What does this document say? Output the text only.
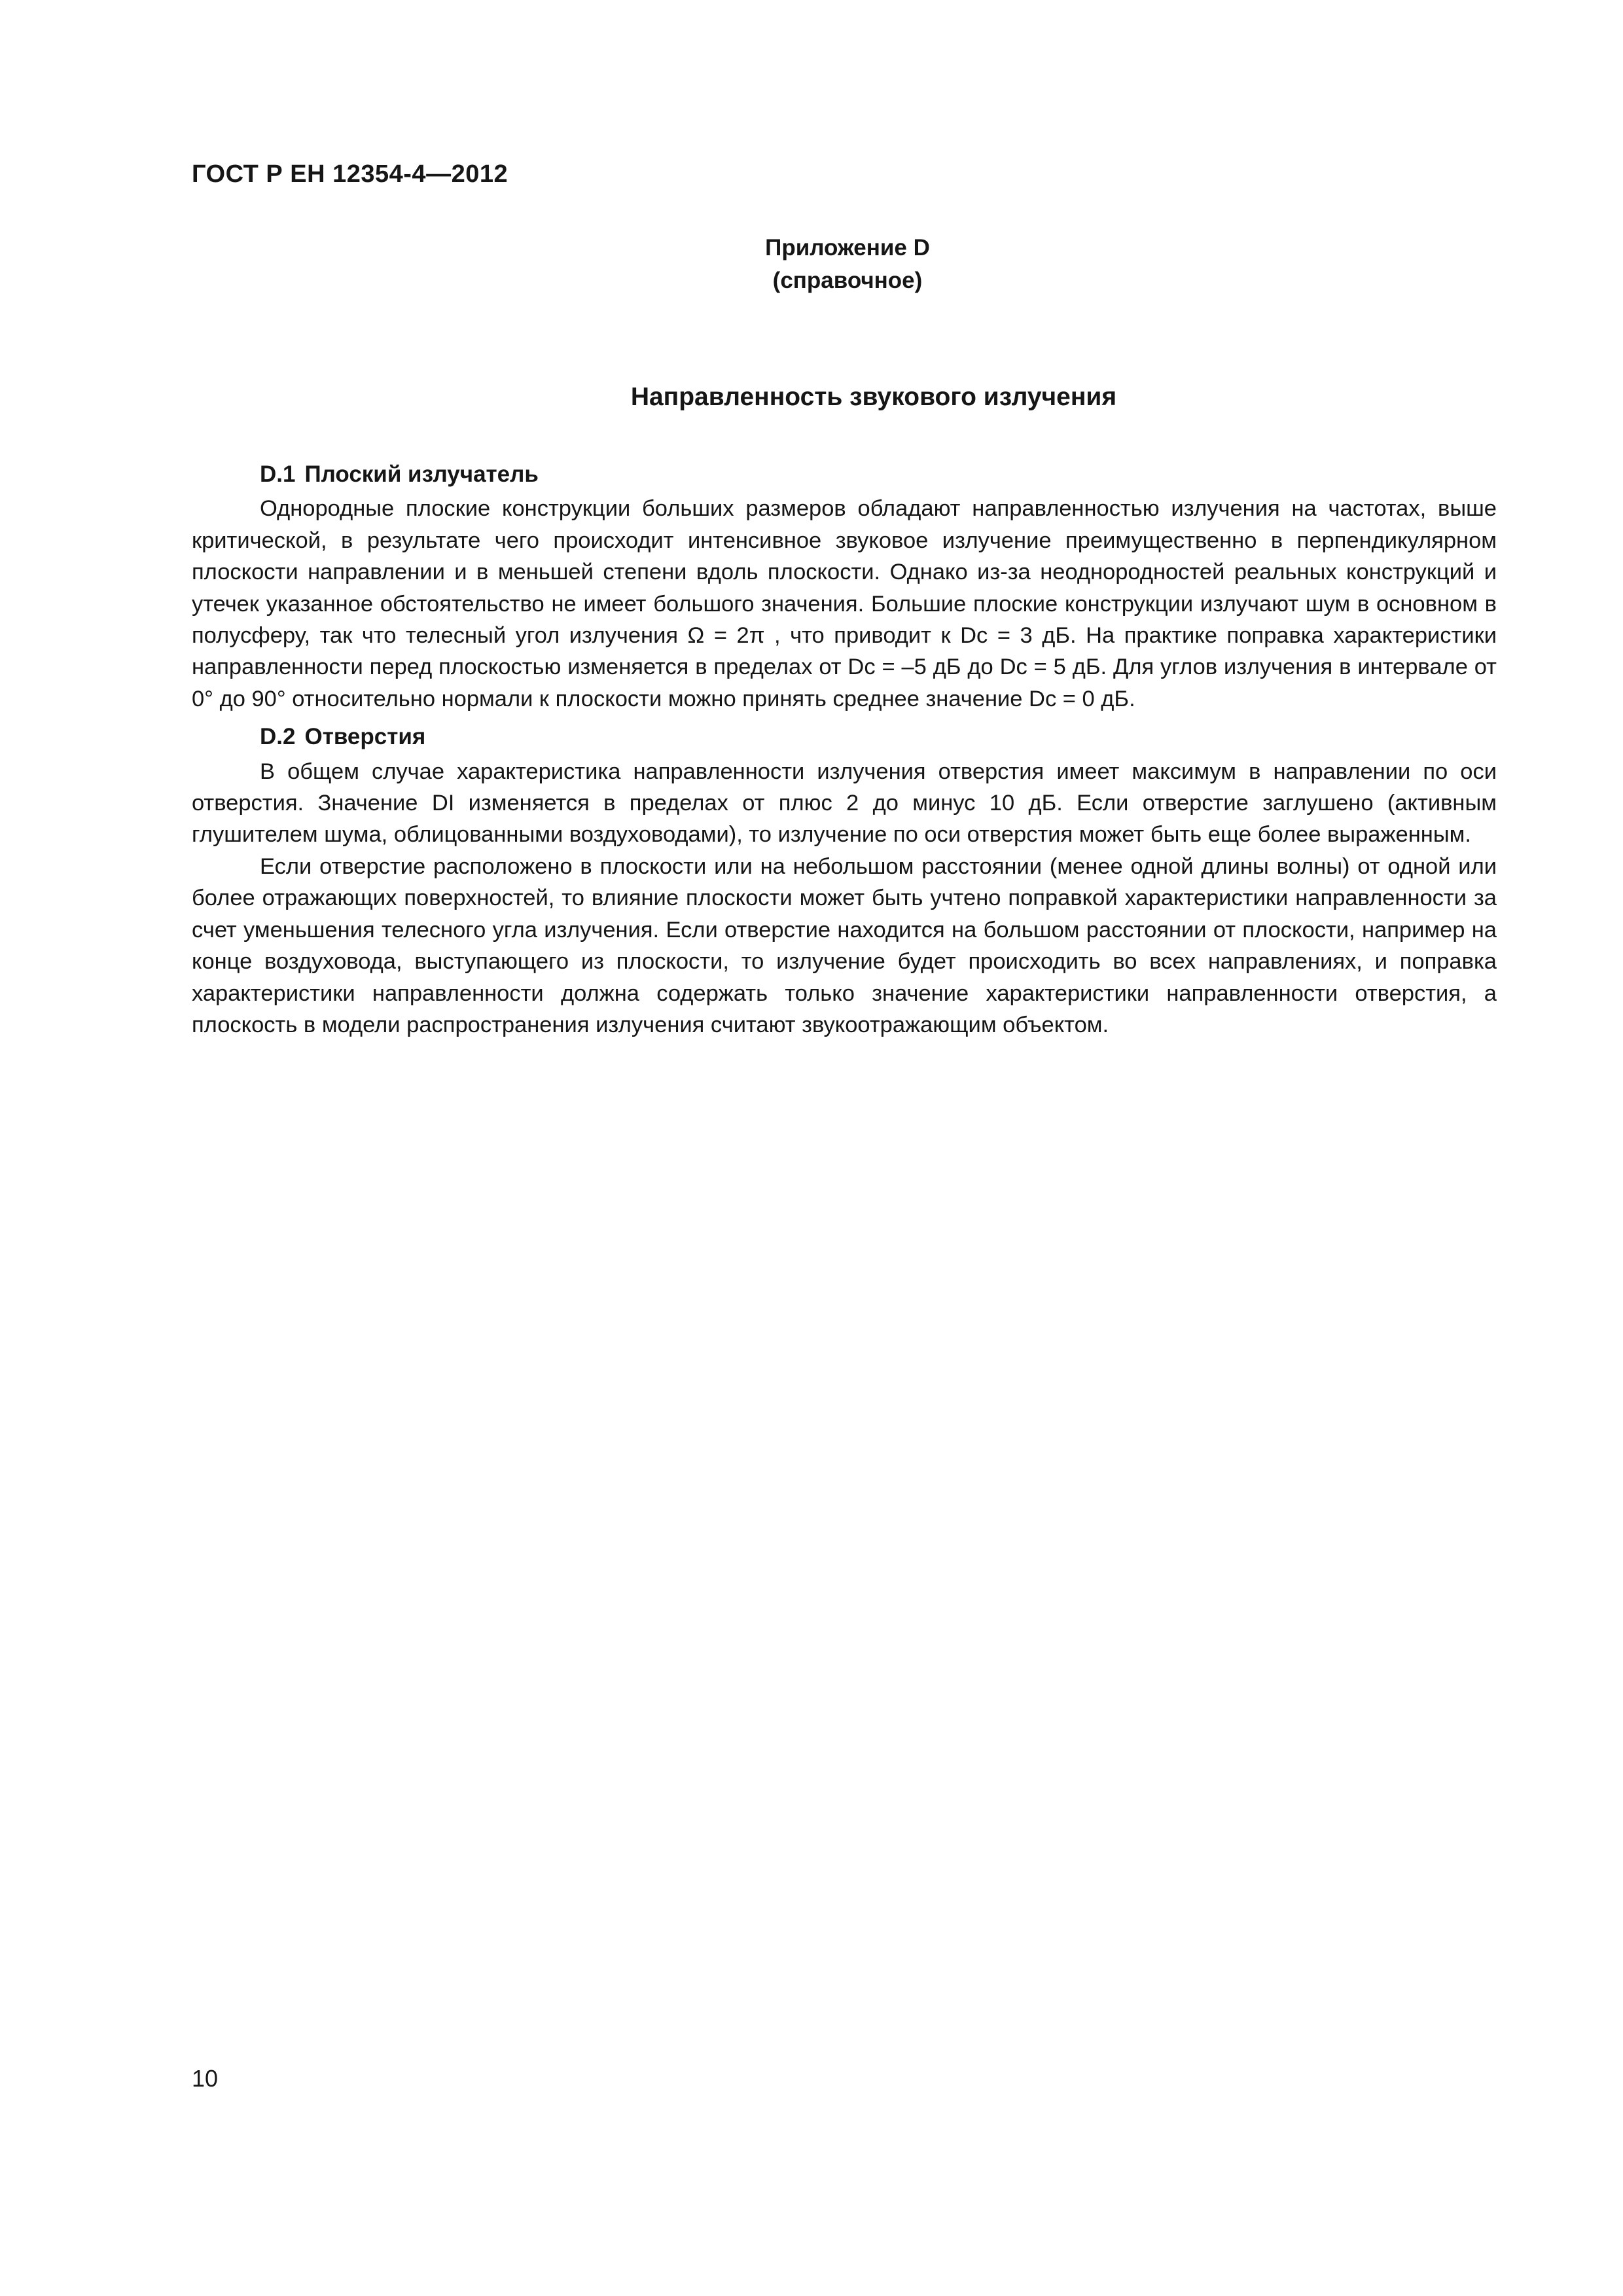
ГОСТ Р ЕН 12354-4—2012
Приложение D
(справочное)
Направленность звукового излучения
D.1 Плоский излучатель

Однородные плоские конструкции больших размеров обладают направленностью излучения на частотах, выше критической, в результате чего происходит интенсивное звуковое излучение преимущественно в перпендикулярном плоскости направлении и в меньшей степени вдоль плоскости. Однако из-за неоднородностей реальных конструкций и утечек указанное обстоятельство не имеет большого значения. Большие плоские конструкции излучают шум в основном в полусферу, так что телесный угол излучения Ω = 2π , что приводит к Dc = 3 дБ. На практике поправка характеристики направленности перед плоскостью изменяется в пределах от Dc = –5 дБ до Dc = 5 дБ. Для углов излучения в интервале от 0° до 90° относительно нормали к плоскости можно принять среднее значение Dc = 0 дБ.

D.2 Отверстия

В общем случае характеристика направленности излучения отверстия имеет максимум в направлении по оси отверстия. Значение DI изменяется в пределах от плюс 2 до минус 10 дБ. Если отверстие заглушено (активным глушителем шума, облицованными воздуховодами), то излучение по оси отверстия может быть еще более выраженным.

Если отверстие расположено в плоскости или на небольшом расстоянии (менее одной длины волны) от одной или более отражающих поверхностей, то влияние плоскости может быть учтено поправкой характеристики направленности за счет уменьшения телесного угла излучения. Если отверстие находится на большом расстоянии от плоскости, например на конце воздуховода, выступающего из плоскости, то излучение будет происходить во всех направлениях, и поправка характеристики направленности должна содержать только значение характеристики направленности отверстия, а плоскость в модели распространения излучения считают звукоотражающим объектом.

10
